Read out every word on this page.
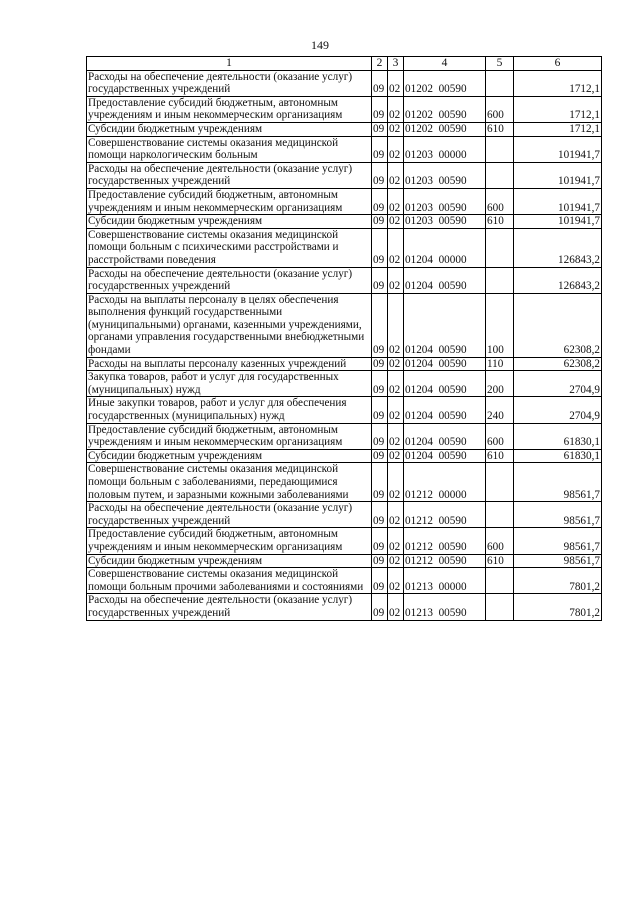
149
1	2	3	4	5	6
Расходы на обеспечение деятельности (оказание услуг) государственных учреждений	09	02	01202  00590		1712,1
Предоставление субсидий бюджетным, автономным учреждениям и иным некоммерческим организациям	09	02	01202  00590	600	1712,1
Субсидии бюджетным учреждениям	09	02	01202  00590	610	1712,1
Совершенствование системы оказания медицинской помощи наркологическим больным	09	02	01203  00000		101941,7
Расходы на обеспечение деятельности (оказание услуг) государственных учреждений	09	02	01203  00590		101941,7
Предоставление субсидий бюджетным, автономным учреждениям и иным некоммерческим организациям	09	02	01203  00590	600	101941,7
Субсидии бюджетным учреждениям	09	02	01203  00590	610	101941,7
Совершенствование системы оказания медицинской помощи больным с психическими расстройствами и расстройствами поведения	09	02	01204  00000		126843,2
Расходы на обеспечение деятельности (оказание услуг) государственных учреждений	09	02	01204  00590		126843,2
Расходы на выплаты персоналу в целях обеспечения выполнения функций государственными (муниципальными) органами, казенными учреждениями, органами управления государственными внебюджетными фондами	09	02	01204  00590	100	62308,2
Расходы на выплаты персоналу казенных учреждений	09	02	01204  00590	110	62308,2
Закупка товаров, работ и услуг для государственных (муниципальных) нужд	09	02	01204  00590	200	2704,9
Иные закупки товаров, работ и услуг для обеспечения государственных (муниципальных) нужд	09	02	01204  00590	240	2704,9
Предоставление субсидий бюджетным, автономным учреждениям и иным некоммерческим организациям	09	02	01204  00590	600	61830,1
Субсидии бюджетным учреждениям	09	02	01204  00590	610	61830,1
Совершенствование системы оказания медицинской помощи больным с заболеваниями, передающимися половым путем, и заразными кожными заболеваниями	09	02	01212  00000		98561,7
Расходы на обеспечение деятельности (оказание услуг) государственных учреждений	09	02	01212  00590		98561,7
Предоставление субсидий бюджетным, автономным учреждениям и иным некоммерческим организациям	09	02	01212  00590	600	98561,7
Субсидии бюджетным учреждениям	09	02	01212  00590	610	98561,7
Совершенствование системы оказания медицинской помощи больным прочими заболеваниями и состояниями	09	02	01213  00000		7801,2
Расходы на обеспечение деятельности (оказание услуг) государственных учреждений	09	02	01213  00590		7801,2
